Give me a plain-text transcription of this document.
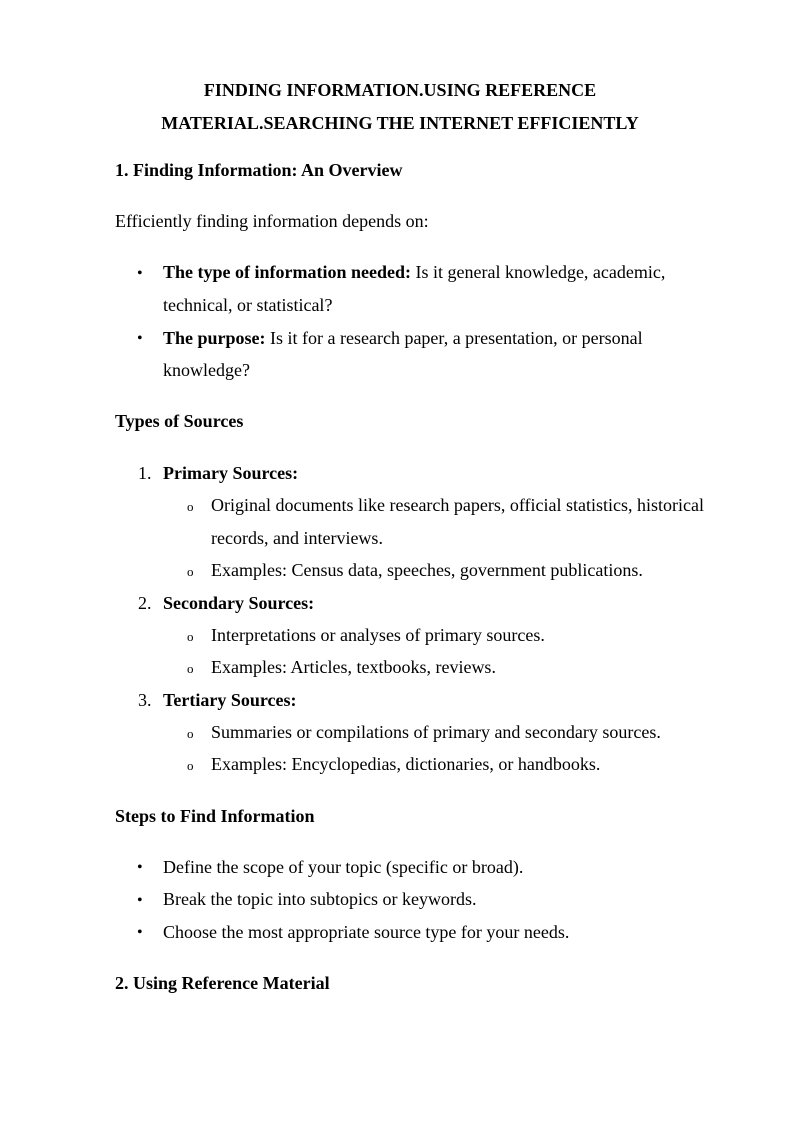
FINDING INFORMATION.USING REFERENCE
MATERIAL.SEARCHING THE INTERNET EFFICIENTLY

1. Finding Information: An Overview

Efficiently finding information depends on:

• The type of information needed: Is it general knowledge, academic,

technical, or statistical?

• The purpose: Is it for a research paper, a presentation, or personal

knowledge?

Types of Sources

1. Primary Sources:

o Original documents like research papers, official statistics, historical

records, and interviews.

o Examples: Census data, speeches, government publications.

2. Secondary Sources:

o Interpretations or analyses of primary sources.

o Examples: Articles, textbooks, reviews.

3. Tertiary Sources:

o Summaries or compilations of primary and secondary sources.

o Examples: Encyclopedias, dictionaries, or handbooks.

Steps to Find Information

• Define the scope of your topic (specific or broad).

• Break the topic into subtopics or keywords.

• Choose the most appropriate source type for your needs.

2. Using Reference Material
